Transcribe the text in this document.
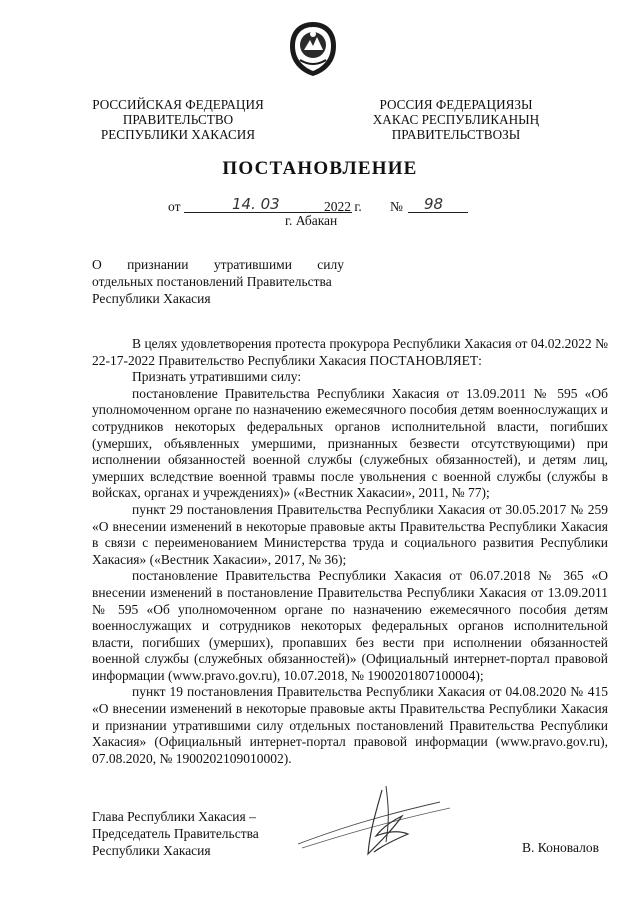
РОССИЙСКАЯ ФЕДЕРАЦИЯ
ПРАВИТЕЛЬСТВО
РЕСПУБЛИКИ ХАКАСИЯ
РОССИЯ ФЕДЕРАЦИЯЗЫ
ХАКАС РЕСПУБЛИКАНЫҢ
ПРАВИТЕЛЬСТВОЗЫ
ПОСТАНОВЛЕНИЕ
от	14. 03	2022 г. № 98
г. Абакан
О признании утратившими силу
отдельных постановлений Правительства
Республики Хакасия

В целях удовлетворения протеста прокурора Республики Хакасия от 04.02.2022 № 22-17-2022 Правительство Республики Хакасия ПОСТАНОВЛЯЕТ:

Признать утратившими силу:

постановление Правительства Республики Хакасия от 13.09.2011 № 595 «Об уполномоченном органе по назначению ежемесячного пособия детям военнослужащих и сотрудников некоторых федеральных органов исполнительной власти, погибших (умерших, объявленных умершими, признанных безвести отсутствующими) при исполнении обязанностей военной службы (служебных обязанностей), и детям лиц, умерших вследствие военной травмы после увольнения с военной службы (службы в войсках, органах и учреждениях)» («Вестник Хакасии», 2011, № 77);

пункт 29 постановления Правительства Республики Хакасия от 30.05.2017 № 259 «О внесении изменений в некоторые правовые акты Правительства Республики Хакасия в связи с переименованием Министерства труда и социального развития Республики Хакасия» («Вестник Хакасии», 2017, № 36);

постановление Правительства Республики Хакасия от 06.07.2018 № 365 «О внесении изменений в постановление Правительства Республики Хакасия от 13.09.2011 № 595 «Об уполномоченном органе по назначению ежемесячного пособия детям военнослужащих и сотрудников некоторых федеральных органов исполнительной власти, погибших (умерших), пропавших без вести при исполнении обязанностей военной службы (служебных обязанностей)» (Официальный интернет-портал правовой информации (www.pravo.gov.ru), 10.07.2018, № 1900201807100004);

пункт 19 постановления Правительства Республики Хакасия от 04.08.2020 № 415 «О внесении изменений в некоторые правовые акты Правительства Республики Хакасия и признании утратившими силу отдельных постановлений Правительства Республики Хакасия» (Официальный интернет-портал правовой информации (www.pravo.gov.ru), 07.08.2020, № 1900202109010002).

Глава Республики Хакасия –
Председатель Правительства
Республики Хакасия	В. Коновалов
